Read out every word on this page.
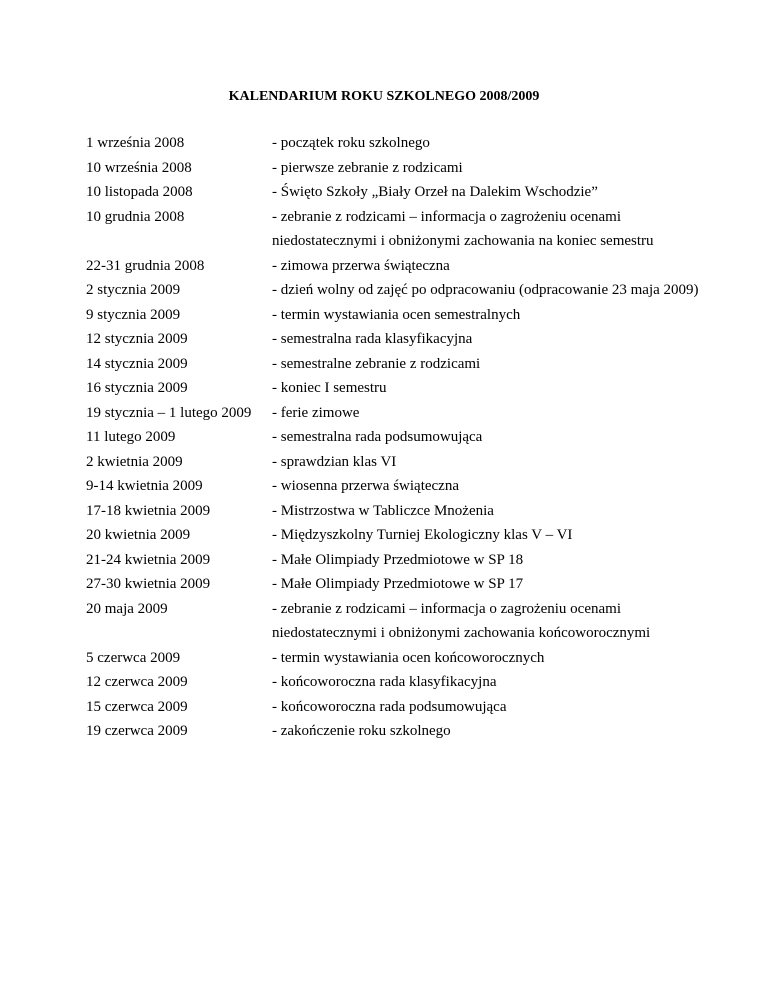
KALENDARIUM ROKU SZKOLNEGO 2008/2009
1 września 2008	- początek roku szkolnego
10 września 2008	- pierwsze zebranie z rodzicami
10 listopada 2008	- Święto Szkoły „Biały Orzeł na Dalekim Wschodzie”
10 grudnia 2008	- zebranie z rodzicami – informacja o zagrożeniu ocenami
niedostatecznymi i obniżonymi zachowania na koniec semestru
22-31 grudnia 2008	- zimowa przerwa świąteczna
2 stycznia 2009	- dzień wolny od zajęć po odpracowaniu (odpracowanie 23 maja 2009)
9 stycznia 2009	- termin wystawiania ocen semestralnych
12 stycznia 2009	- semestralna rada klasyfikacyjna
14 stycznia 2009	- semestralne zebranie z rodzicami
16 stycznia 2009	- koniec I semestru
19 stycznia – 1 lutego 2009	- ferie zimowe
11 lutego 2009	- semestralna rada podsumowująca
2 kwietnia 2009	- sprawdzian klas VI
9-14 kwietnia 2009	- wiosenna przerwa świąteczna
17-18 kwietnia 2009	- Mistrzostwa w Tabliczce Mnożenia
20 kwietnia 2009	- Międzyszkolny Turniej Ekologiczny klas V – VI
21-24 kwietnia 2009	- Małe Olimpiady Przedmiotowe w SP 18
27-30 kwietnia 2009	- Małe Olimpiady Przedmiotowe w SP 17
20 maja 2009	- zebranie z rodzicami – informacja o zagrożeniu ocenami
niedostatecznymi i obniżonymi zachowania końcoworocznymi
5 czerwca 2009	- termin wystawiania ocen końcoworocznych
12 czerwca 2009	- końcoworoczna rada klasyfikacyjna
15 czerwca 2009	- końcoworoczna rada podsumowująca
19 czerwca 2009	- zakończenie roku szkolnego
